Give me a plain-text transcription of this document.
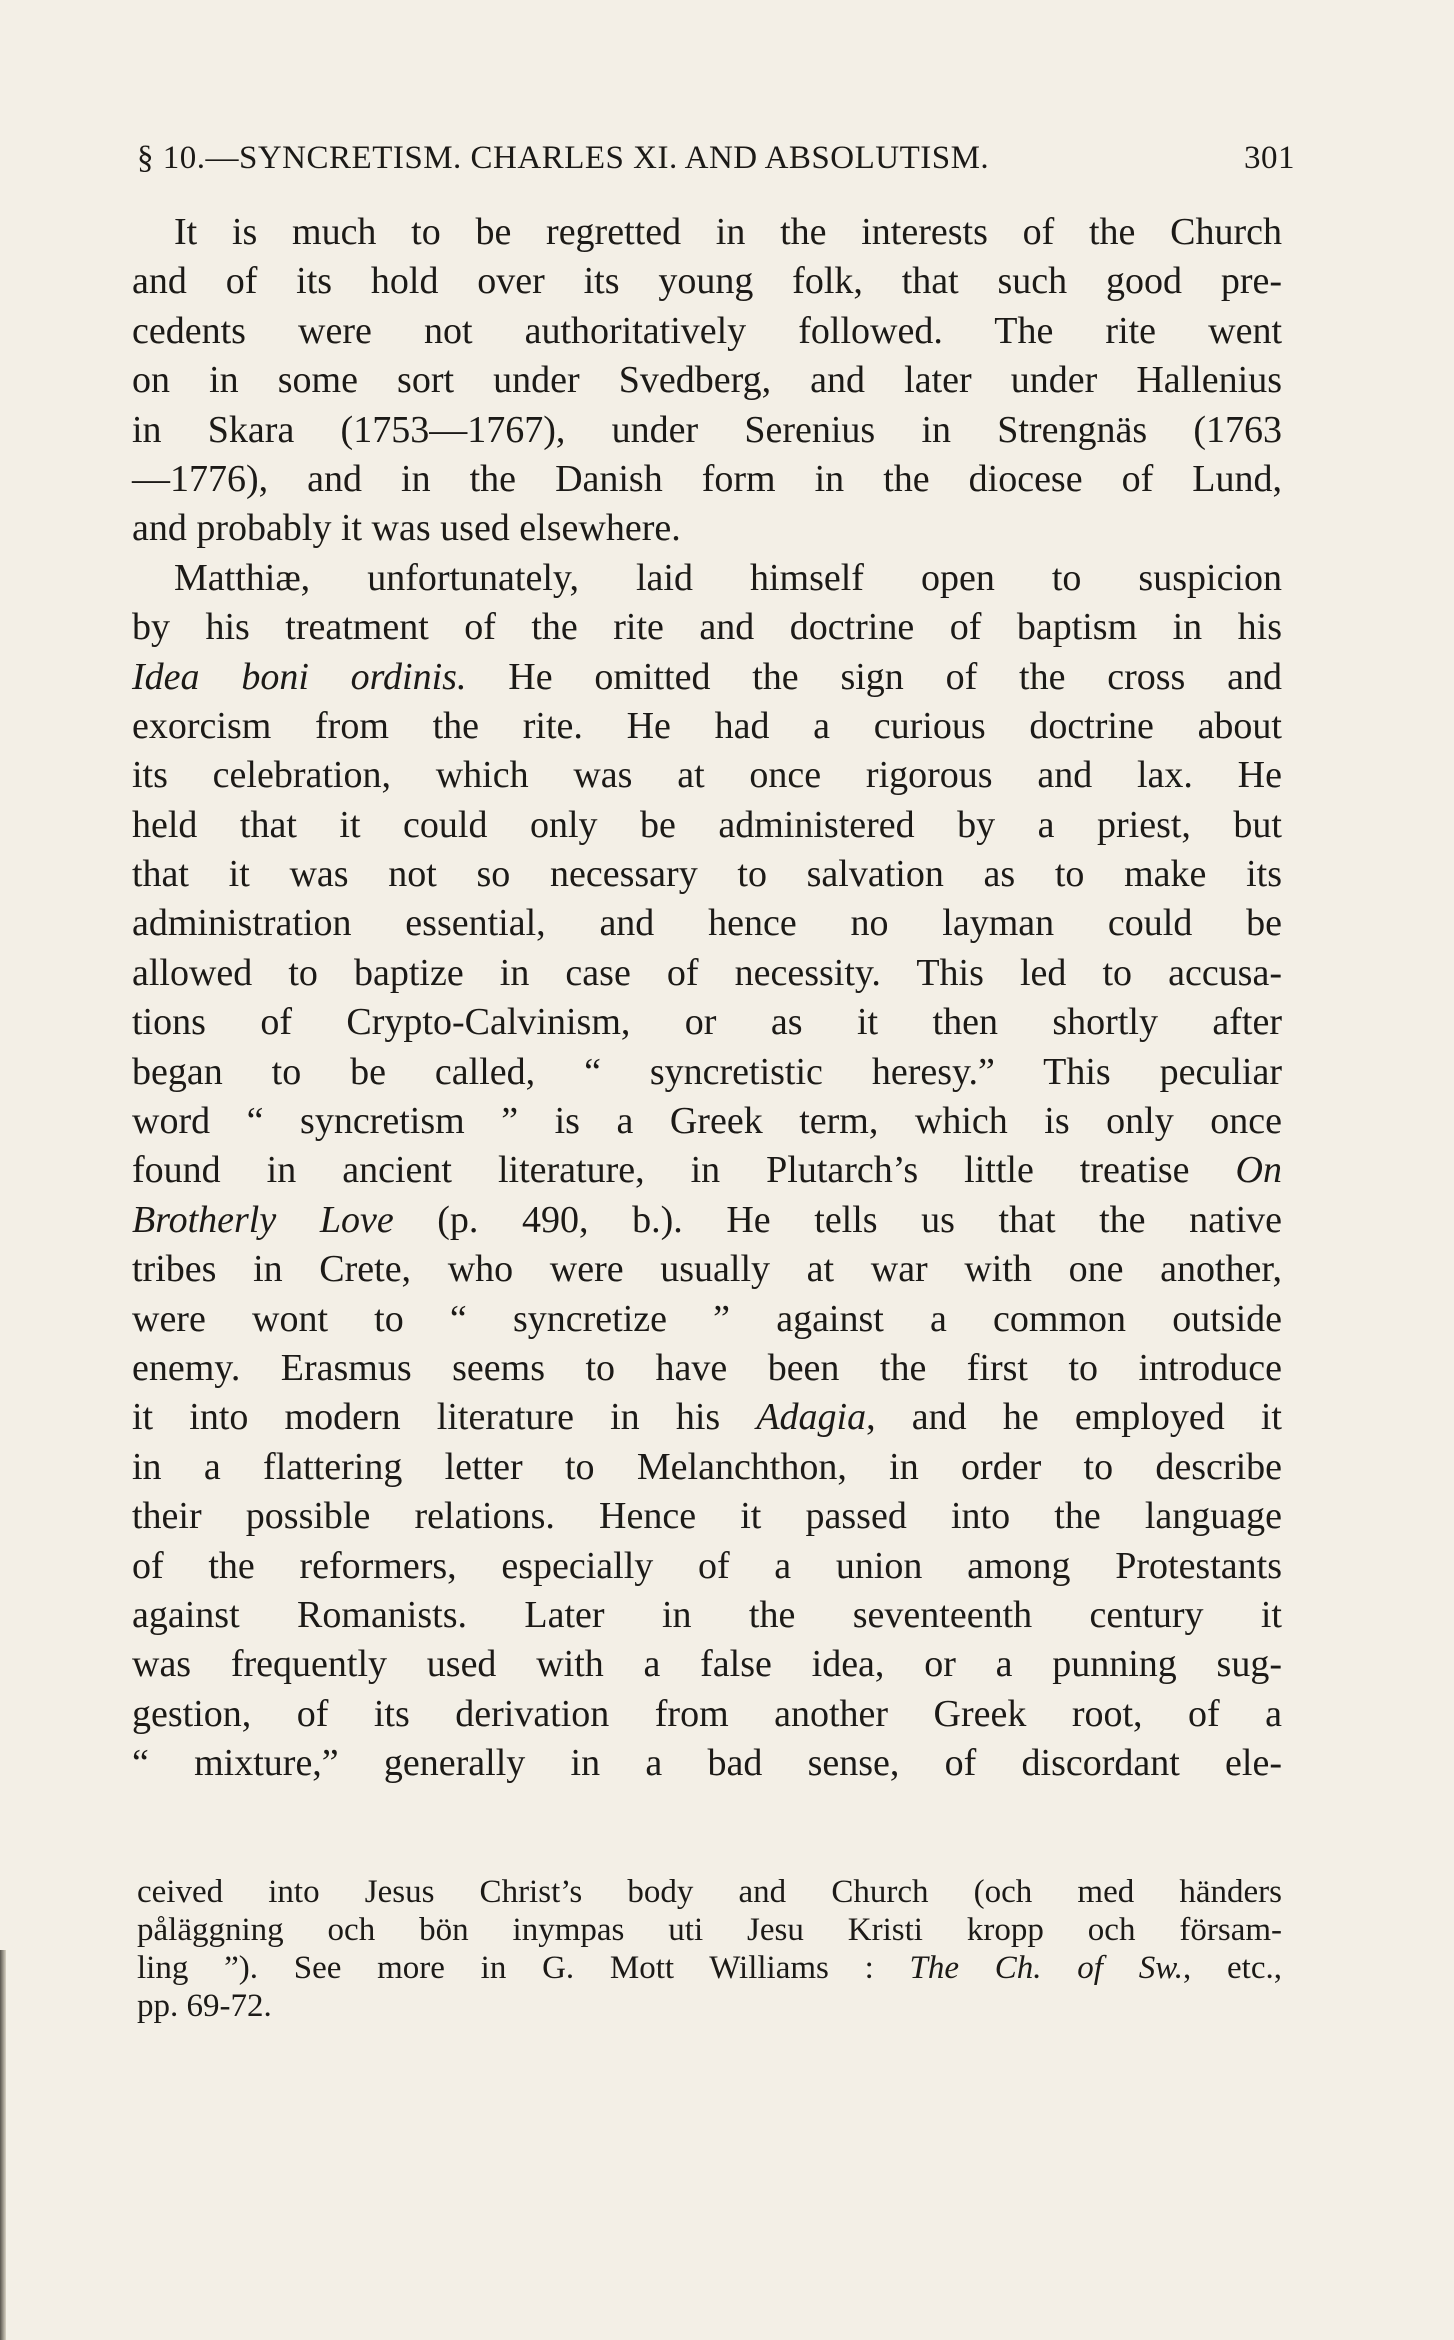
§ 10.—SYNCRETISM. CHARLES XI. AND ABSOLUTISM.	301
It is much to be regretted in the interests of the Church
and of its hold over its young folk, that such good pre-
cedents were not authoritatively followed. The rite went
on in some sort under Svedberg, and later under Hallenius
in Skara (1753—1767), under Serenius in Strengnäs (1763
—1776), and in the Danish form in the diocese of Lund,
and probably it was used elsewhere.
Matthiæ, unfortunately, laid himself open to suspicion
by his treatment of the rite and doctrine of baptism in his
Idea boni ordinis. He omitted the sign of the cross and
exorcism from the rite. He had a curious doctrine about
its celebration, which was at once rigorous and lax. He
held that it could only be administered by a priest, but
that it was not so necessary to salvation as to make its
administration essential, and hence no layman could be
allowed to baptize in case of necessity. This led to accusa-
tions of Crypto-Calvinism, or as it then shortly after
began to be called, “ syncretistic heresy.” This peculiar
word “ syncretism ” is a Greek term, which is only once
found in ancient literature, in Plutarch’s little treatise On
Brotherly Love (p. 490, b.). He tells us that the native
tribes in Crete, who were usually at war with one another,
were wont to “ syncretize ” against a common outside
enemy. Erasmus seems to have been the first to introduce
it into modern literature in his Adagia, and he employed it
in a flattering letter to Melanchthon, in order to describe
their possible relations. Hence it passed into the language
of the reformers, especially of a union among Protestants
against Romanists. Later in the seventeenth century it
was frequently used with a false idea, or a punning sug-
gestion, of its derivation from another Greek root, of a
“ mixture,” generally in a bad sense, of discordant ele-
ceived into Jesus Christ’s body and Church (och med händers
påläggning och bön inympas uti Jesu Kristi kropp och försam-
ling ”). See more in G. Mott Williams : The Ch. of Sw., etc.,
pp. 69-72.
